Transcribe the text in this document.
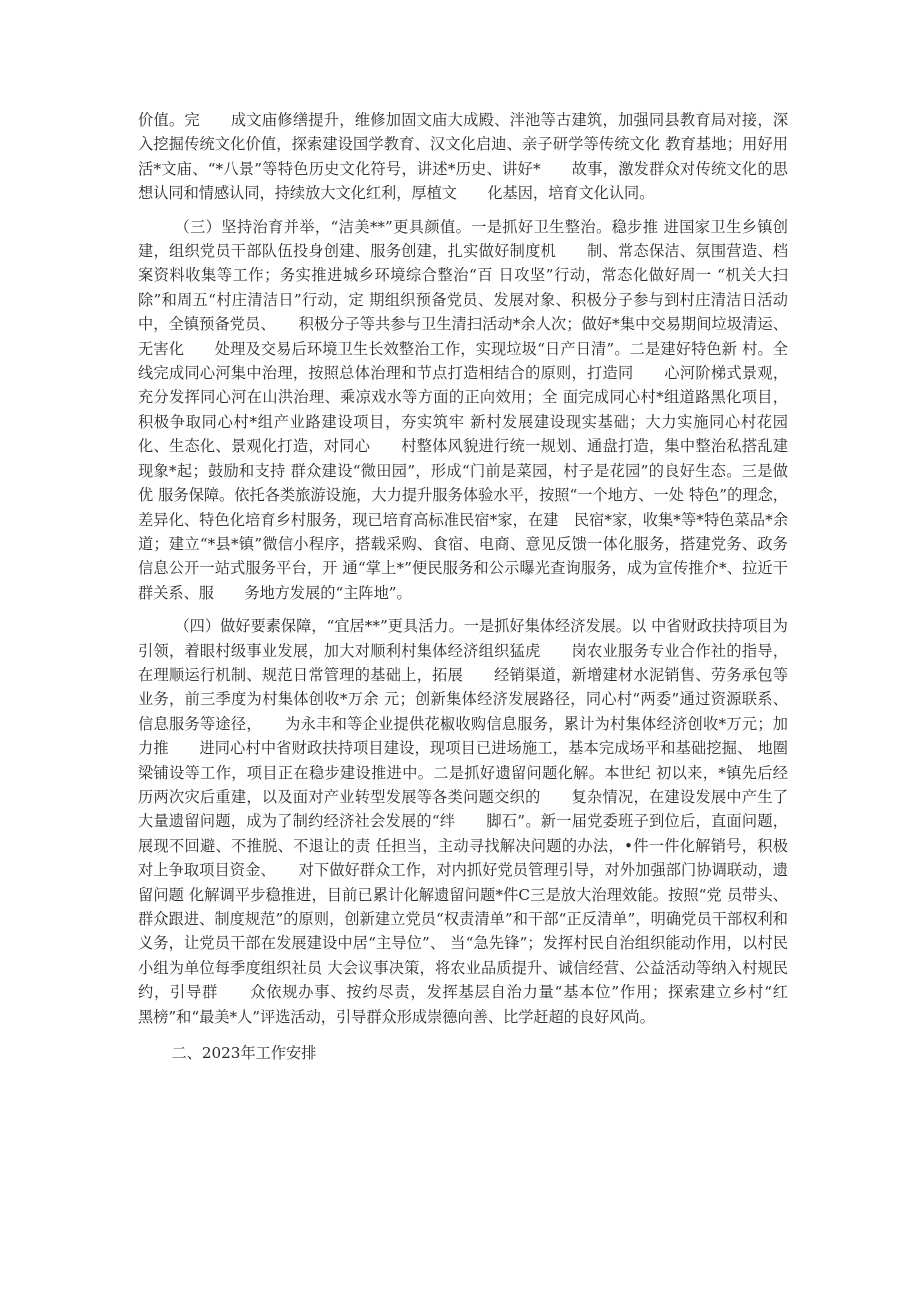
价值。完　　成文庙修缮提升，维修加固文庙大成殿、泮池等古建筑，加强同县教育局对接，深入挖掘传统文化价值，探索建设国学教育、汉文化启迪、亲子研学等传统文化 教育基地；用好用活*文庙、“*八景”等特色历史文化符号，讲述*历史、讲好*　　故事，激发群众对传统文化的思想认同和情感认同，持续放大文化红利，厚植文　　化基因，培育文化认同。

（三）坚持治育并举，“洁美**”更具颜值。一是抓好卫生整治。稳步推 进国家卫生乡镇创建，组织党员干部队伍投身创建、服务创建，扎实做好制度机　　制、常态保洁、氛围营造、档案资料收集等工作；务实推进城乡环境综合整治“百 日攻坚”行动，常态化做好周一 “机关大扫除”和周五“村庄清洁日”行动，定 期组织预备党员、发展对象、积极分子参与到村庄清洁日活动中，全镇预备党员、　　积极分子等共参与卫生清扫活动*余人次；做好*集中交易期间垃圾清运、无害化　　处理及交易后环境卫生长效整治工作，实现垃圾“日产日清”。二是建好特色新 村。全线完成同心河集中治理，按照总体治理和节点打造相结合的原则，打造同　　心河阶梯式景观，充分发挥同心河在山洪治理、乘凉戏水等方面的正向效用；全 面完成同心村*组道路黑化项目，积极争取同心村*组产业路建设项目，夯实筑牢 新村发展建设现实基础；大力实施同心村花园化、生态化、景观化打造，对同心　　村整体风貌进行统一规划、通盘打造，集中整治私搭乱建现象*起；鼓励和支持 群众建设“微田园”，形成“门前是菜园，村子是花园”的良好生态。三是做优 服务保障。依托各类旅游设施，大力提升服务体验水平，按照“一个地方、一处 特色”的理念，差异化、特色化培育乡村服务，现已培育高标准民宿*家，在建　民宿*家，收集*等*特色菜品*余道；建立“*县*镇”微信小程序，搭载采购、食宿、电商、意见反馈一体化服务，搭建党务、政务信息公开一站式服务平台，开 通“掌上*”便民服务和公示曝光查询服务，成为宣传推介*、拉近干群关系、服　　务地方发展的“主阵地”。

（四）做好要素保障，“宜居**”更具活力。一是抓好集体经济发展。以 中省财政扶持项目为引领，着眼村级事业发展，加大对顺利村集体经济组织猛虎　　岗农业服务专业合作社的指导，在理顺运行机制、规范日常管理的基础上，拓展　　经销渠道，新增建材水泥销售、劳务承包等业务，前三季度为村集体创收*万余 元；创新集体经济发展路径，同心村“两委”通过资源联系、信息服务等途径，　　为永丰和等企业提供花椒收购信息服务，累计为村集体经济创收*万元；加力推　　进同心村中省财政扶持项目建设，现项目已进场施工，基本完成场平和基础挖掘、 地圈梁铺设等工作，项目正在稳步建设推进中。二是抓好遗留问题化解。本世纪 初以来，*镇先后经历两次灾后重建，以及面对产业转型发展等各类问题交织的　　复杂情况，在建设发展中产生了大量遗留问题，成为了制约经济社会发展的“绊　　脚石”。新一届党委班子到位后，直面问题，展现不回避、不推脱、不退让的责 任担当，主动寻找解决问题的办法，•件一件化解销号，积极对上争取项目资金、　　对下做好群众工作，对内抓好党员管理引导，对外加强部门协调联动，遗留问题 化解调平步稳推进，目前已累计化解遗留问题*件C三是放大治理效能。按照“党 员带头、群众跟进、制度规范”的原则，创新建立党员“权责清单”和干部“正反清单”，明确党员干部权利和义务，让党员干部在发展建设中居“主导位”、 当“急先锋”；发挥村民自治组织能动作用，以村民小组为单位每季度组织社员 大会议事决策，将农业品质提升、诚信经营、公益活动等纳入村规民约，引导群　　众依规办事、按约尽责，发挥基层自治力量“基本位”作用；探索建立乡村“红　　黑榜”和“最美*人”评选活动，引导群众形成崇德向善、比学赶超的良好风尚。

二、2023年工作安排
